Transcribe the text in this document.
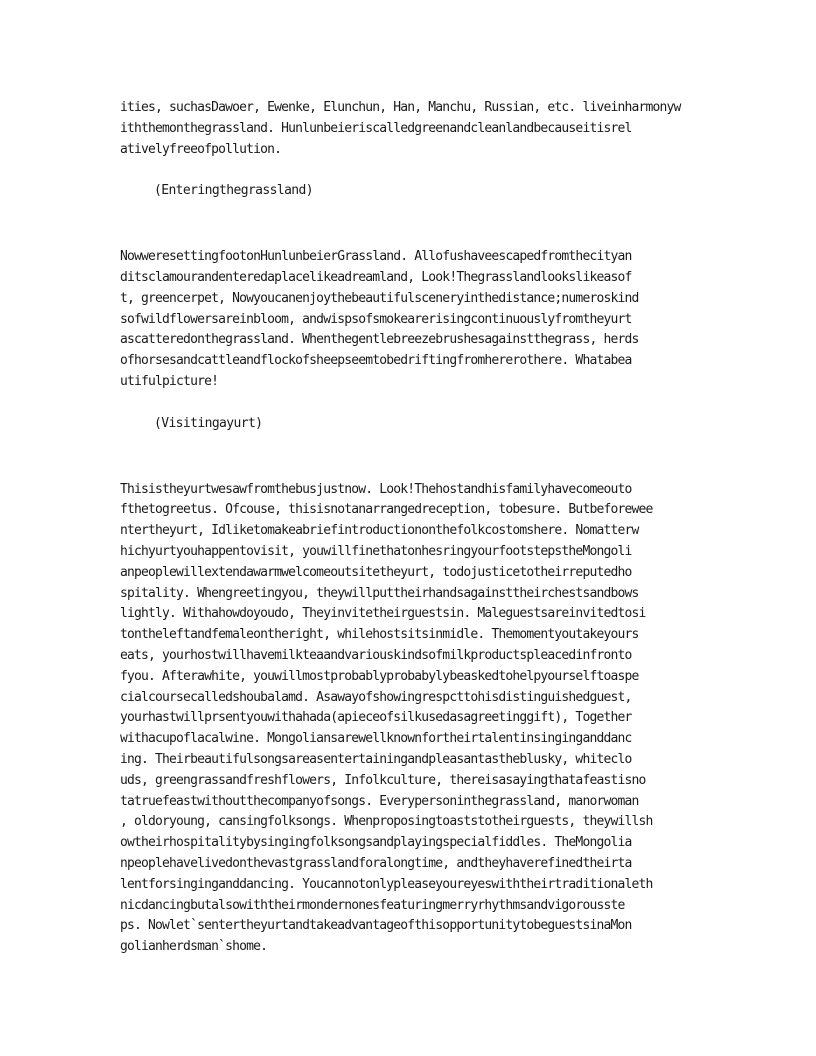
ities, suchasDawoer, Ewenke, Elunchun, Han, Manchu, Russian, etc. liveinharmonyw
iththemonthegrassland. Hunlunbeieriscalledgreenandcleanlandbecauseitisrel
ativelyfreeofpollution.
(Enteringthegrassland)
NowweresettingfootonHunlunbeierGrassland. Allofushaveescapedfromthecityan
ditsclamourandenteredaplacelikeadreamland, Look!Thegrasslandlookslikeasof
t, greencerpet, Nowyoucanenjoythebeautifulsceneryinthedistance;numeroskind
sofwildflowersareinbloom, andwispsofsmokearerisingcontinuouslyfromtheyurt
ascatteredonthegrassland. Whenthegentlebreezebrushesagainstthegrass, herds
ofhorsesandcattleandflockofsheepseemtobedriftingfromhererothere. Whatabea
utifulpicture!
(Visitingayurt)
Thisistheyurtwesawfromthebusjustnow. Look!Thehostandhisfamilyhavecomeouto
fthetogreetus. Ofcouse, thisisnotanarrangedreception, tobesure. Butbeforewee
ntertheyurt, Idliketomakeabriefintroductiononthefolkcostomshere. Nomatterw
hichyurtyouhappentovisit, youwillfinethatonhesringyourfootstepstheMongoli
anpeoplewillextendawarmwelcomeoutsitetheyurt, todojusticetotheirreputedho
spitality. Whengreetingyou, theywillputtheirhandsagainsttheirchestsandbows
lightly. Withahowdoyoudo, Theyinvitetheirguestsin. Maleguestsareinvitedtosi
tontheleftandfemaleontheright, whilehostsitsinmidle. Themomentyoutakeyours
eats, yourhostwillhavemilkteaandvariouskindsofmilkproductspleacedinfronto
fyou. Afterawhite, youwillmostprobablyprobabylybeaskedtohelpyourselftoaspe
cialcoursecalledshoubalamd. Asawayofshowingrespcttohisdistinguishedguest,
yourhastwillprsentyouwithahada(apieceofsilkusedasagreetinggift), Together
withacupoflacalwine. Mongoliansarewellknownfortheirtalentinsinginganddanc
ing. Theirbeautifulsongsareasentertainingandpleasantastheblusky, whiteclo
uds, greengrassandfreshflowers, Infolkculture, thereisasayingthatafeastisno
tatruefeastwithoutthecompanyofsongs. Everypersoninthegrassland, manorwoman
, oldoryoung, cansingfolksongs. Whenproposingtoaststotheirguests, theywillsh
owtheirhospitalitybysingingfolksongsandplayingspecialfiddles. TheMongolia
npeoplehavelivedonthevastgrasslandforalongtime, andtheyhaverefinedtheirta
lentforsinginganddancing. Youcannotonlypleaseyoureyeswiththeirtraditionaleth
nicdancingbutalsowiththeirmondernonesfeaturingmerryrhythmsandvigorousste
ps. Nowlet`sentertheyurtandtakeadvantageofthisopportunitytobeguestsinaMon
golianherdsman`shome.
